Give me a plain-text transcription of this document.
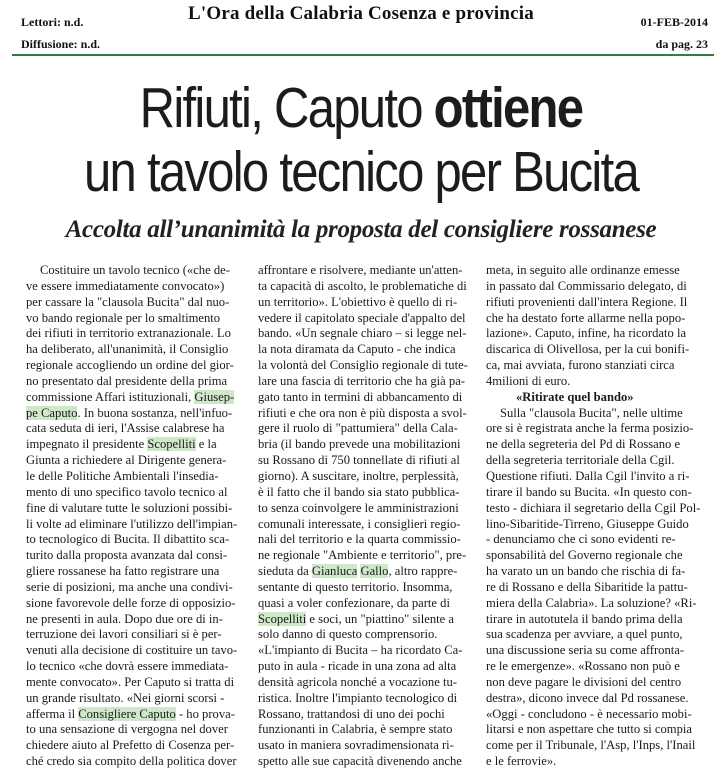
Lettori: n.d.
Diffusione: n.d.
L'Ora della Calabria Cosenza e provincia	01-FEB-2014
da pag. 23
Rifiuti, Caputo ottiene
un tavolo tecnico per Bucita
Accolta all’unanimità la proposta del consigliere rossanese
Costituire un tavolo tecnico («che de-
ve essere immediatamente convocato»)
per cassare la "clausola Bucita" dal nuo-
vo bando regionale per lo smaltimento
dei rifiuti in territorio extranazionale. Lo
ha deliberato, all'unanimità, il Consiglio
regionale accogliendo un ordine del gior-
no presentato dal presidente della prima
commissione Affari istituzionali, Giusep-
pe Caputo. In buona sostanza, nell'infuo-
cata seduta di ieri, l'Assise calabrese ha
impegnato il presidente Scopelliti e la
Giunta a richiedere al Dirigente genera-
le delle Politiche Ambientali l'insedia-
mento di uno specifico tavolo tecnico al
fine di valutare tutte le soluzioni possibi-
li volte ad eliminare l'utilizzo dell'impian-
to tecnologico di Bucita. Il dibattito sca-
turito dalla proposta avanzata dal consi-
gliere rossanese ha fatto registrare una
serie di posizioni, ma anche una condivi-
sione favorevole delle forze di opposizio-
ne presenti in aula. Dopo due ore di in-
terruzione dei lavori consiliari si è per-
venuti alla decisione di costituire un tavo-
lo tecnico «che dovrà essere immediata-
mente convocato». Per Caputo si tratta di
un grande risultato. «Nei giorni scorsi -
afferma il Consigliere Caputo - ho prova-
to una sensazione di vergogna nel dover
chiedere aiuto al Prefetto di Cosenza per-
ché credo sia compito della politica dover
affrontare e risolvere, mediante un'atten-
ta capacità di ascolto, le problematiche di
un territorio». L'obiettivo è quello di ri-
vedere il capitolato speciale d'appalto del
bando. «Un segnale chiaro – si legge nel-
la nota diramata da Caputo - che indica
la volontà del Consiglio regionale di tute-
lare una fascia di territorio che ha già pa-
gato tanto in termini di abbancamento di
rifiuti e che ora non è più disposta a svol-
gere il ruolo di "pattumiera" della Cala-
bria (il bando prevede una mobilitazioni
su Rossano di 750 tonnellate di rifiuti al
giorno). A suscitare, inoltre, perplessità,
è il fatto che il bando sia stato pubblica-
to senza coinvolgere le amministrazioni
comunali interessate, i consiglieri regio-
nali del territorio e la quarta commissio-
ne regionale "Ambiente e territorio", pre-
sieduta da Gianluca Gallo, altro rappre-
sentante di questo territorio. Insomma,
quasi a voler confezionare, da parte di
Scopelliti e soci, un "piattino" silente a
solo danno di questo comprensorio.
«L'impianto di Bucita – ha ricordato Ca-
puto in aula - ricade in una zona ad alta
densità agricola nonché a vocazione tu-
ristica. Inoltre l'impianto tecnologico di
Rossano, trattandosi di uno dei pochi
funzionanti in Calabria, è sempre stato
usato in maniera sovradimensionata ri-
spetto alle sue capacità divenendo anche
meta, in seguito alle ordinanze emesse
in passato dal Commissario delegato, di
rifiuti provenienti dall'intera Regione. Il
che ha destato forte allarme nella popo-
lazione». Caputo, infine, ha ricordato la
discarica di Olivellosa, per la cui bonifi-
ca, mai avviata, furono stanziati circa
4milioni di euro.
«Ritirate quel bando»
Sulla "clausola Bucita", nelle ultime
ore si è registrata anche la ferma posizio-
ne della segreteria del Pd di Rossano e
della segreteria territoriale della Cgil.
Questione rifiuti. Dalla Cgil l'invito a ri-
tirare il bando su Bucita. «In questo con-
testo - dichiara il segretario della Cgil Pol-
lino-Sibaritide-Tirreno, Giuseppe Guido
- denunciamo che ci sono evidenti re-
sponsabilità del Governo regionale che
ha varato un un bando che rischia di fa-
re di Rossano e della Sibaritide la pattu-
miera della Calabria». La soluzione? «Ri-
tirare in autotutela il bando prima della
sua scadenza per avviare, a quel punto,
una discussione seria su come affronta-
re le emergenze». «Rossano non può e
non deve pagare le divisioni del centro
destra», dicono invece dal Pd rossanese.
«Oggi - concludono - è necessario mobi-
litarsi e non aspettare che tutto si compia
come per il Tribunale, l'Asp, l'Inps, l'Inail
e le ferrovie».
